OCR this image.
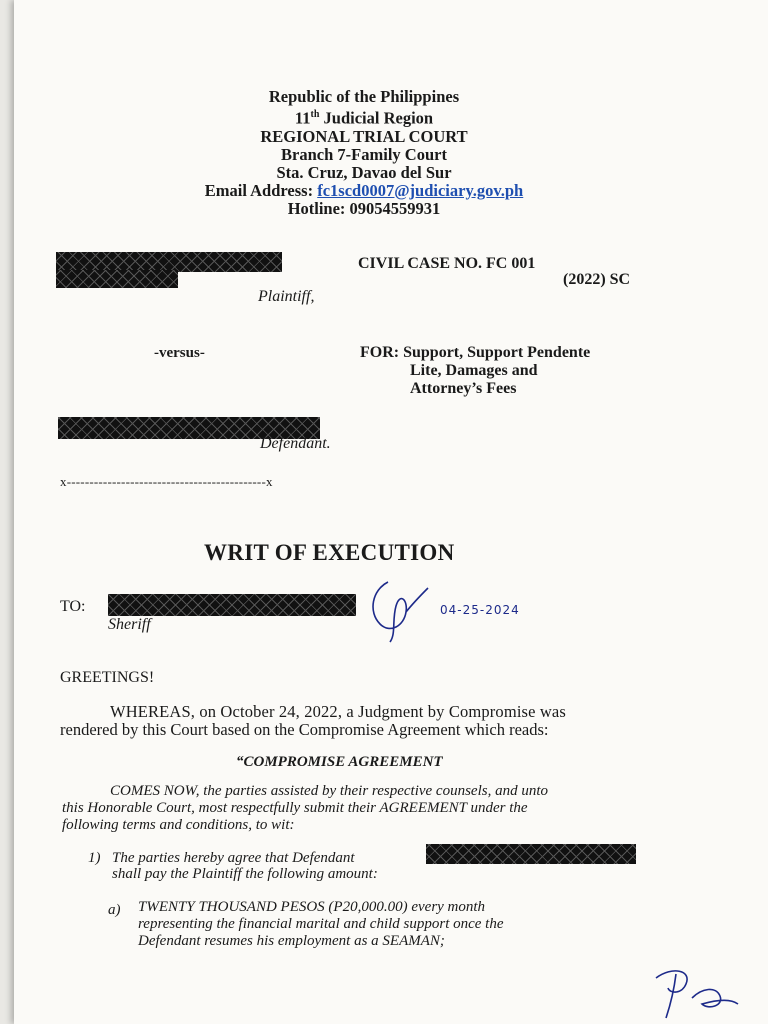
Republic of the Philippines
11th Judicial Region
REGIONAL TRIAL COURT
Branch 7-Family Court
Sta. Cruz, Davao del Sur
Email Address: fc1scd0007@judiciary.gov.ph
Hotline: 09054559931
Plaintiff,
CIVIL CASE NO. FC 001
(2022) SC
-versus-	FOR: Support, Support Pendente
Lite, Damages and
Attorney’s Fees
Defendant.
x--------------------------------------------x
WRIT OF EXECUTION
TO:
Sheriff
04-25-2024
GREETINGS!
WHEREAS, on October 24, 2022, a Judgment by Compromise was
rendered by this Court based on the Compromise Agreement which reads:
“COMPROMISE AGREEMENT
COMES NOW, the parties assisted by their respective counsels, and unto
this Honorable Court, most respectfully submit their AGREEMENT under the
following terms and conditions, to wit:
1) The parties hereby agree that Defendant
shall pay the Plaintiff the following amount:
a) TWENTY THOUSAND PESOS (P20,000.00) every month
representing the financial marital and child support once the
Defendant resumes his employment as a SEAMAN;
